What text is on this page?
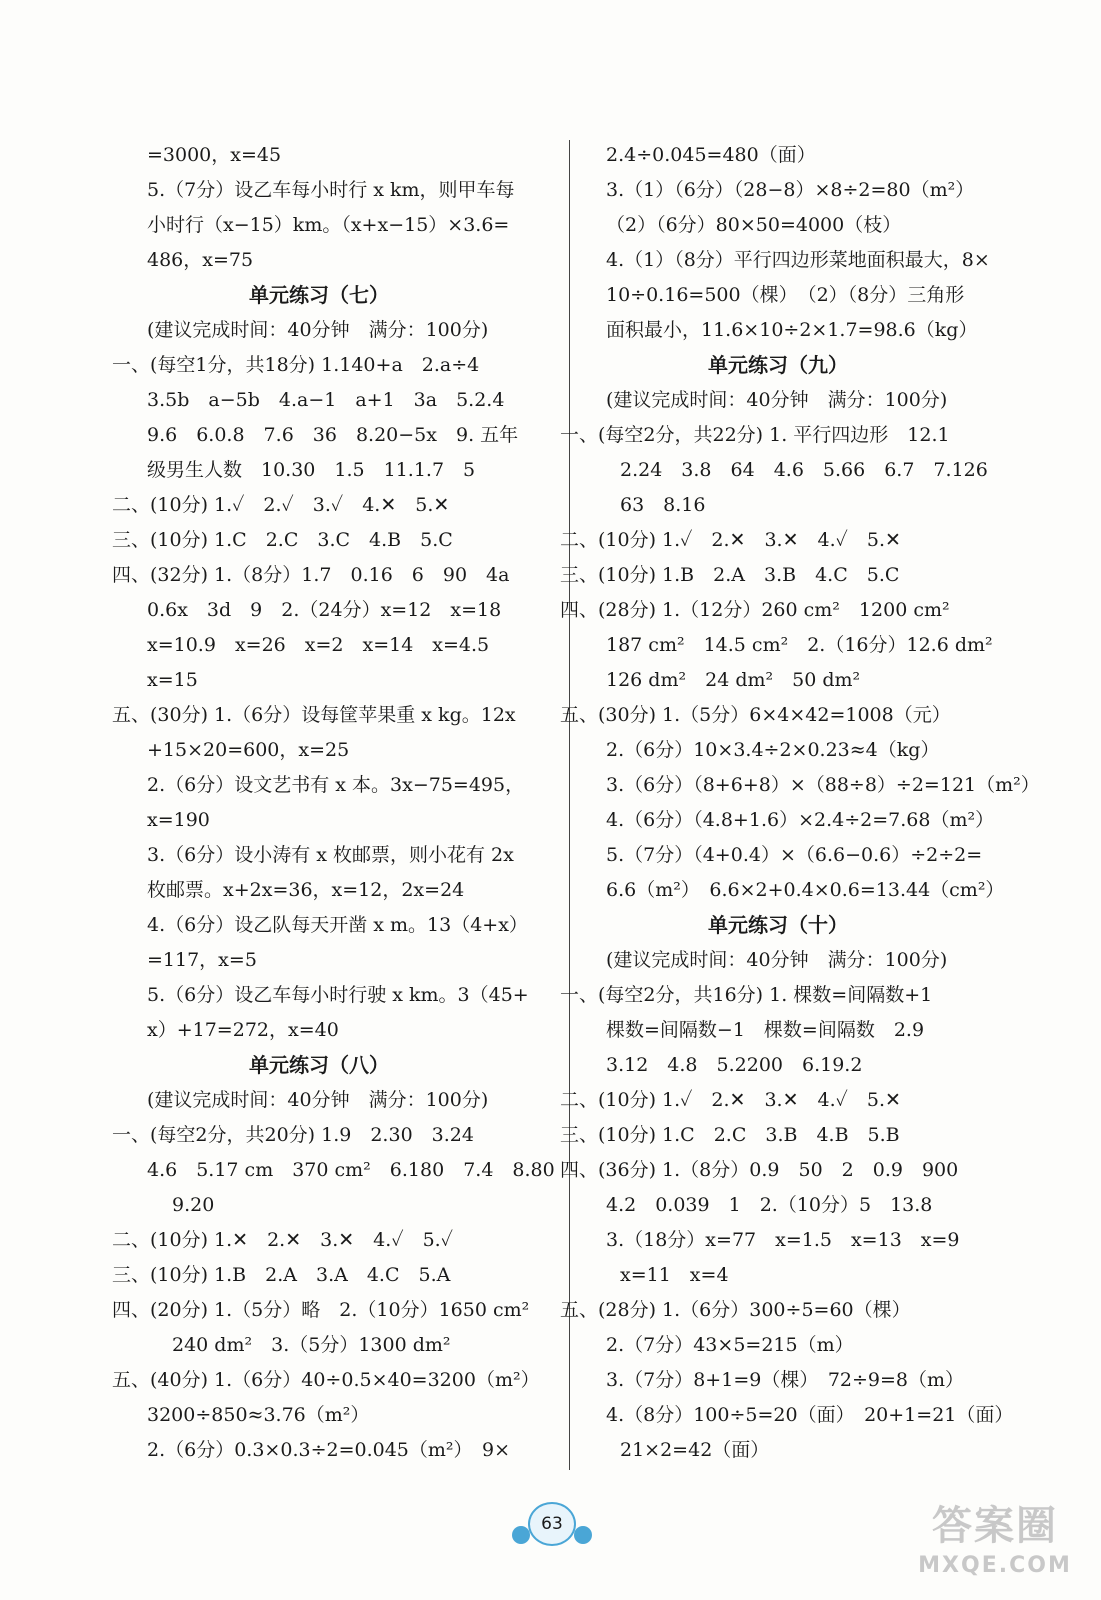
=3000，x=45
5.（7分）设乙车每小时行 x km，则甲车每
小时行（x−15）km。（x+x−15）×3.6=
486，x=75
单元练习（七）
(建议完成时间：40分钟　满分：100分)
一、(每空1分，共18分) 1.140+a　2.a÷4
3.5b　a−5b　4.a−1　a+1　3a　5.2.4
9.6　6.0.8　7.6　36　8.20−5x　9. 五年
级男生人数　10.30　1.5　11.1.7　5
二、(10分) 1.✓　2.✓　3.✓　4.✕　5.✕
三、(10分) 1.C　2.C　3.C　4.B　5.C
四、(32分) 1.（8分）1.7　0.16　6　90　4a
0.6x　3d　9　2.（24分）x=12　x=18
x=10.9　x=26　x=2　x=14　x=4.5
x=15
五、(30分) 1.（6分）设每筐苹果重 x kg。12x
+15×20=600，x=25
2.（6分）设文艺书有 x 本。3x−75=495，
x=190
3.（6分）设小涛有 x 枚邮票，则小花有 2x
枚邮票。x+2x=36，x=12，2x=24
4.（6分）设乙队每天开凿 x m。13（4+x）
=117，x=5
5.（6分）设乙车每小时行驶 x km。3（45+
x）+17=272，x=40
单元练习（八）
(建议完成时间：40分钟　满分：100分)
一、(每空2分，共20分) 1.9　2.30　3.24
4.6　5.17 cm　370 cm²　6.180　7.4　8.80
9.20
二、(10分) 1.✕　2.✕　3.✕　4.✓　5.✓
三、(10分) 1.B　2.A　3.A　4.C　5.A
四、(20分) 1.（5分）略　2.（10分）1650 cm²
240 dm²　3.（5分）1300 dm²
五、(40分) 1.（6分）40÷0.5×40=3200（m²）
3200÷850≈3.76（m²）
2.（6分）0.3×0.3÷2=0.045（m²）　9×
2.4÷0.045=480（面）
3.（1）（6分）（28−8）×8÷2=80（m²）
（2）（6分）80×50=4000（枝）
4.（1）（8分）平行四边形菜地面积最大，8×
10÷0.16=500（棵）　（2）（8分）三角形
面积最小，11.6×10÷2×1.7=98.6（kg）
单元练习（九）
(建议完成时间：40分钟　满分：100分)
一、(每空2分，共22分) 1. 平行四边形　12.1
2.24　3.8　64　4.6　5.66　6.7　7.126
63　8.16
二、(10分) 1.✓　2.✕　3.✕　4.✓　5.✕
三、(10分) 1.B　2.A　3.B　4.C　5.C
四、(28分) 1.（12分）260 cm²　1200 cm²
187 cm²　14.5 cm²　2.（16分）12.6 dm²
126 dm²　24 dm²　50 dm²
五、(30分) 1.（5分）6×4×42=1008（元）
2.（6分）10×3.4÷2×0.23≈4（kg）
3.（6分）（8+6+8）×（88÷8）÷2=121（m²）
4.（6分）（4.8+1.6）×2.4÷2=7.68（m²）
5.（7分）（4+0.4）×（6.6−0.6）÷2÷2=
6.6（m²）　6.6×2+0.4×0.6=13.44（cm²）
单元练习（十）
(建议完成时间：40分钟　满分：100分)
一、(每空2分，共16分) 1. 棵数=间隔数+1
棵数=间隔数−1　棵数=间隔数　2.9
3.12　4.8　5.2200　6.19.2
二、(10分) 1.✓　2.✕　3.✕　4.✓　5.✕
三、(10分) 1.C　2.C　3.B　4.B　5.B
四、(36分) 1.（8分）0.9　50　2　0.9　900
4.2　0.039　1　2.（10分）5　13.8
3.（18分）x=77　x=1.5　x=13　x=9
x=11　x=4
五、(28分) 1.（6分）300÷5=60（棵）
2.（7分）43×5=215（m）
3.（7分）8+1=9（棵）　72÷9=8（m）
4.（8分）100÷5=20（面）　20+1=21（面）
21×2=42（面）
63	答案圈
MXQE.COM
